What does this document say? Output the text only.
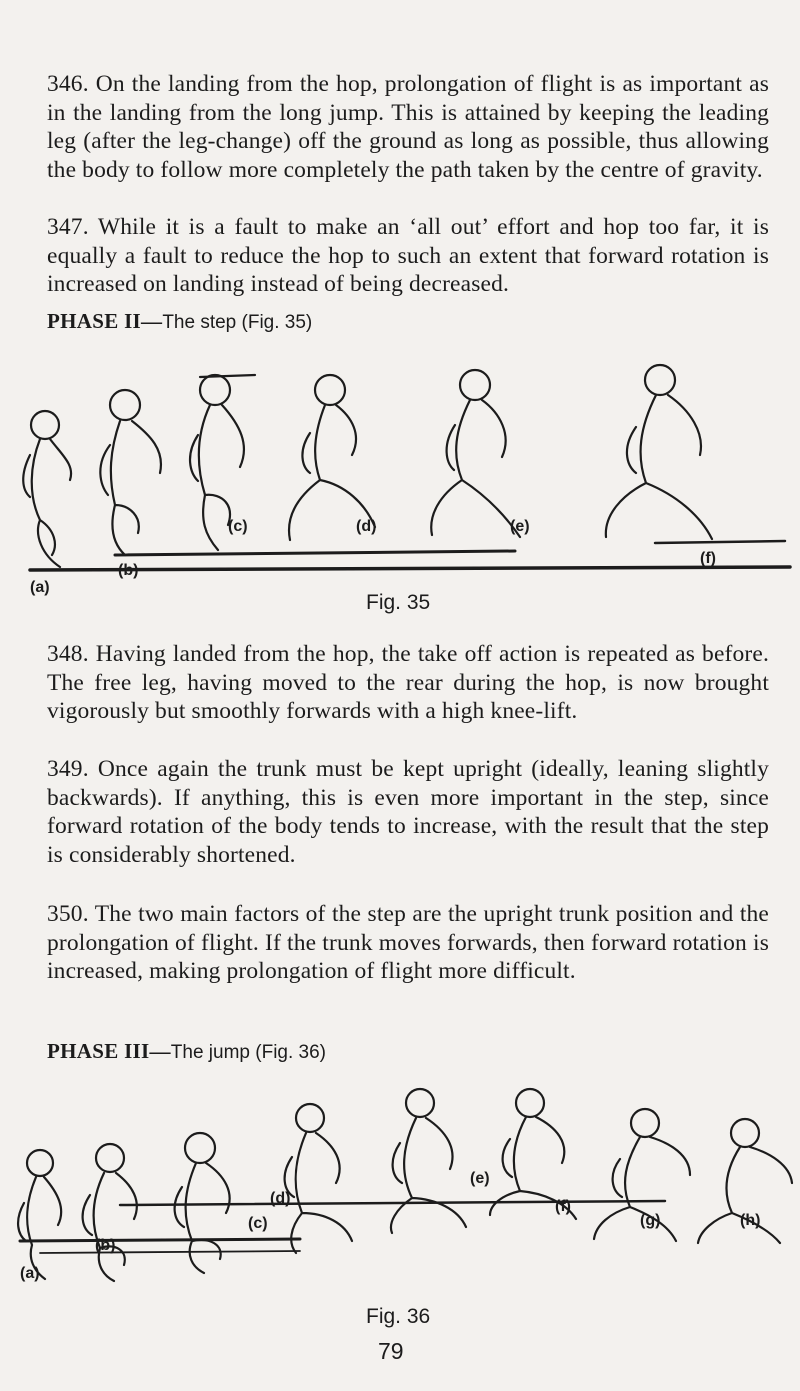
346. On the landing from the hop, prolongation of flight is as important as in the landing from the long jump. This is attained by keeping the leading leg (after the leg-change) off the ground as long as possible, thus allowing the body to follow more completely the path taken by the centre of gravity.

347. While it is a fault to make an ‘all out’ effort and hop too far, it is equally a fault to reduce the hop to such an extent that forward rotation is increased on landing instead of being decreased.

PHASE II—The step (Fig. 35)
(a)
(b)
(c)	(d)	(e)
(f)
Fig. 35

348. Having landed from the hop, the take off action is repeated as before. The free leg, having moved to the rear during the hop, is now brought vigorously but smoothly forwards with a high knee-lift.

349. Once again the trunk must be kept upright (ideally, leaning slightly backwards). If anything, this is even more important in the step, since forward rotation of the body tends to increase, with the result that the step is considerably shortened.

350. The two main factors of the step are the upright trunk position and the prolongation of flight. If the trunk moves forwards, then forward rotation is increased, making prolongation of flight more difficult.

PHASE III—The jump (Fig. 36)
(a)
(b)
(c)
(d)
(e)
(f)
(g)	(h)
Fig. 36
79
